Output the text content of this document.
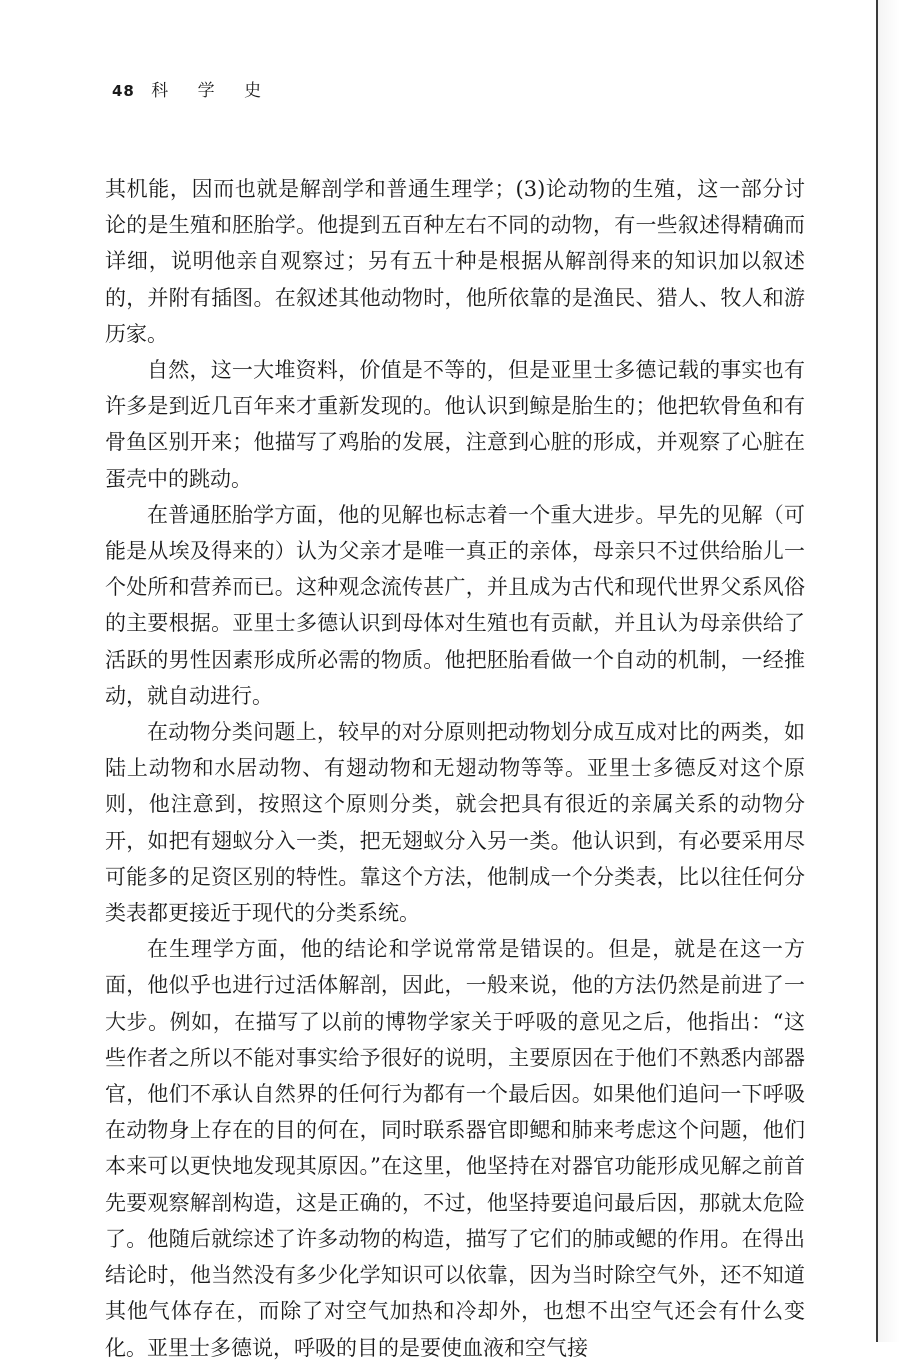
48 科 学 史

其机能，因而也就是解剖学和普通生理学；(3)论动物的生殖，这一部分讨论的是生殖和胚胎学。他提到五百种左右不同的动物，有一些叙述得精确而详细，说明他亲自观察过；另有五十种是根据从解剖得来的知识加以叙述的，并附有插图。在叙述其他动物时，他所依靠的是渔民、猎人、牧人和游历家。

自然，这一大堆资料，价值是不等的，但是亚里士多德记载的事实也有许多是到近几百年来才重新发现的。他认识到鲸是胎生的；他把软骨鱼和有骨鱼区别开来；他描写了鸡胎的发展，注意到心脏的形成，并观察了心脏在蛋壳中的跳动。

在普通胚胎学方面，他的见解也标志着一个重大进步。早先的见解（可能是从埃及得来的）认为父亲才是唯一真正的亲体，母亲只不过供给胎儿一个处所和营养而已。这种观念流传甚广，并且成为古代和现代世界父系风俗的主要根据。亚里士多德认识到母体对生殖也有贡献，并且认为母亲供给了活跃的男性因素形成所必需的物质。他把胚胎看做一个自动的机制，一经推动，就自动进行。

在动物分类问题上，较早的对分原则把动物划分成互成对比的两类，如陆上动物和水居动物、有翅动物和无翅动物等等。亚里士多德反对这个原则，他注意到，按照这个原则分类，就会把具有很近的亲属关系的动物分开，如把有翅蚁分入一类，把无翅蚁分入另一类。他认识到，有必要采用尽可能多的足资区别的特性。靠这个方法，他制成一个分类表，比以往任何分类表都更接近于现代的分类系统。

在生理学方面，他的结论和学说常常是错误的。但是，就是在这一方面，他似乎也进行过活体解剖，因此，一般来说，他的方法仍然是前进了一大步。例如，在描写了以前的博物学家关于呼吸的意见之后，他指出：“这些作者之所以不能对事实给予很好的说明，主要原因在于他们不熟悉内部器官，他们不承认自然界的任何行为都有一个最后因。如果他们追问一下呼吸在动物身上存在的目的何在，同时联系器官即鳃和肺来考虑这个问题，他们本来可以更快地发现其原因。”在这里，他坚持在对器官功能形成见解之前首先要观察解剖构造，这是正确的，不过，他坚持要追问最后因，那就太危险了。他随后就综述了许多动物的构造，描写了它们的肺或鳃的作用。在得出结论时，他当然没有多少化学知识可以依靠，因为当时除空气外，还不知道其他气体存在，而除了对空气加热和冷却外，也想不出空气还会有什么变化。亚里士多德说，呼吸的目的是要使血液和空气接
